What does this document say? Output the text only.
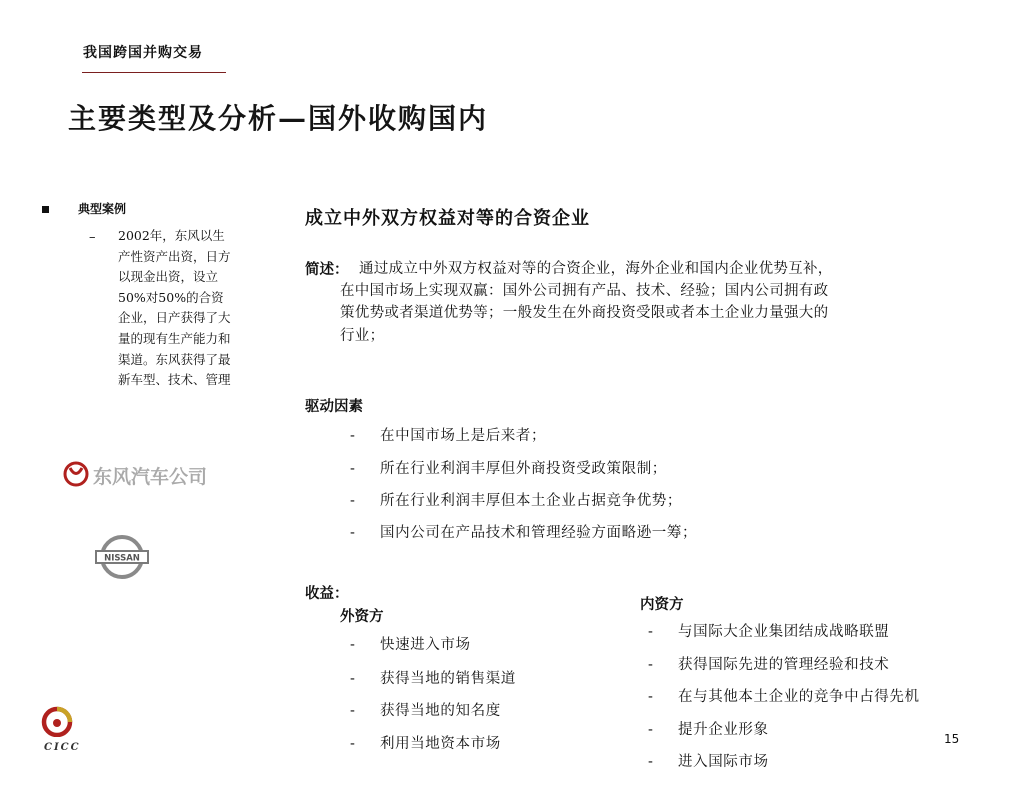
我国跨国并购交易
主要类型及分析—国外收购国内
典型案例
– 2002年，东风以生产性资产出资，日方以现金出资，设立50%对50%的合资企业，日产获得了大量的现有生产能力和渠道。东风获得了最新车型、技术、管理
东风汽车公司
NISSAN
成立中外双方权益对等的合资企业
简述： 通过成立中外双方权益对等的合资企业，海外企业和国内企业优势互补，
在中国市场上实现双赢：国外公司拥有产品、技术、经验；国内公司拥有政
策优势或者渠道优势等；一般发生在外商投资受限或者本土企业力量强大的
行业；
驱动因素
- 在中国市场上是后来者；
- 所在行业利润丰厚但外商投资受政策限制；
- 所在行业利润丰厚但本土企业占据竞争优势；
- 国内公司在产品技术和管理经验方面略逊一筹；
收益：
外资方
- 快速进入市场
- 获得当地的销售渠道
- 获得当地的知名度
- 利用当地资本市场
内资方
- 与国际大企业集团结成战略联盟
- 获得国际先进的管理经验和技术
- 在与其他本土企业的竞争中占得先机
- 提升企业形象
- 进入国际市场
15
CICC
